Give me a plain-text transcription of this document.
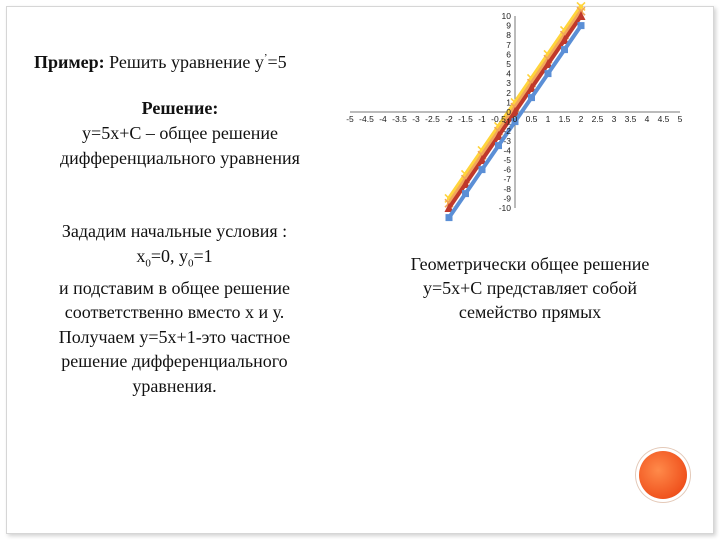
Пример: Решить уравнение y’=5
Решение:
y=5x+C – общее решение
дифференциального уравнения
Зададим начальные условия :
$x_0=0$, $y_0=1$
и подставим в общее решение
соответственно вместо х и у.
Получаем y=5x+1-это частное
решение дифференциального
уравнения.
-5 -4.5 -4 -3.5 -3 -2.5 -2 -1.5 -1 -0.5 0 0.5 1 1.5 2 2.5 3 3.5 4 4.5 5
10
9
8
7
6
5
4
3
2
1
0
-1
-2
-3
-4
-5
-6
-7
-8
-9
-10
Геометрически общее решение
y=5x+C представляет собой
семейство прямых
